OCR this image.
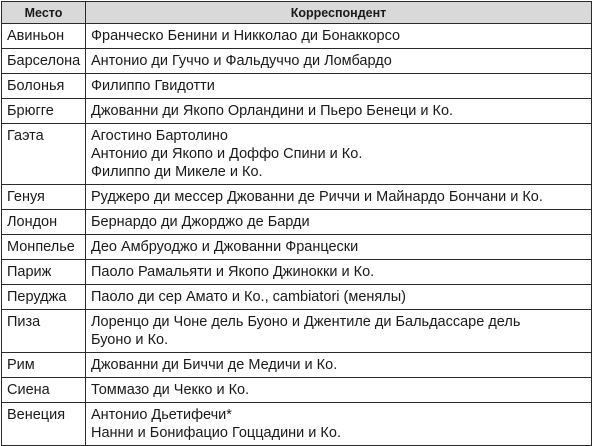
Место	Корреспондент
Авиньон	Франческо Бенини и Никколао ди Бонаккорсо

Барселона	Антонио ди Гуччо и Фальдуччо ди Ломбардо

Болонья	Филиппо Гвидотти

Брюгге	Джованни ди Якопо Орландини и Пьеро Бенеци и Ко.

Гаэта	Агостино Бартолино
Антонио ди Якопо и Доффо Спини и Ко.
Филиппо ди Микеле и Ко.

Генуя	Руджеро ди мессер Джованни де Риччи и Майнардо Бончани и Ко.

Лондон	Бернардо ди Джорджо де Барди

Монпелье	Део Амбруоджо и Джованни Францески

Париж	Паоло Рамальяти и Якопо Джинокки и Ко.

Перуджа	Паоло ди сер Амато и Ко., cambiatori (менялы)

Пиза	Лоренцо ди Чоне дель Буоно и Джентиле ди Бальдассаре дель
Буоно и Ко.

Рим	Джованни ди Биччи де Медичи и Ко.

Сиена	Томмазо ди Чекко и Ко.

Венеция	Антонио Дьетифечи*
Нанни и Бонифацио Гоццадини и Ко.
